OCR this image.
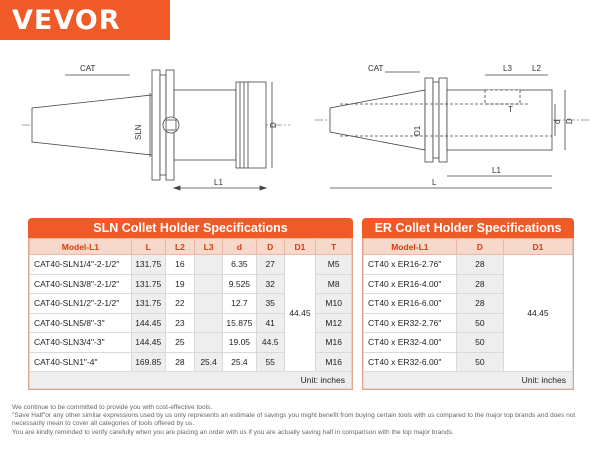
VEVOR
CAT
L1
D
SLN
CAT	L3	L2
T
d D
D1
L1
L
SLN Collet Holder Specifications
Model-L1	L	L2	L3	d	D	D1	T
CAT40-SLN1/4"-2-1/2"	131.75	16		6.35	27	44.45	M5
CAT40-SLN3/8"-2-1/2"	131.75	19		9.525	32		M8
CAT40-SLN1/2"-2-1/2"	131.75	22		12.7	35		M10
CAT40-SLN5/8"-3"	144.45	23		15.875	41		M12
CAT40-SLN3/4"-3"	144.45	25		19.05	44.5		M16
CAT40-SLN1"-4"	169.85	28	25.4	25.4	55		M16
Unit: inches							
ER Collet Holder Specifications
Model-L1	D	D1
CT40 x ER16-2.76"	28	44.45
CT40 x ER16-4.00"	28	
CT40 x ER16-6.00"	28	
CT40 x ER32-2.76"	50	
CT40 x ER32-4.00"	50	
CT40 x ER32-6.00"	50	
Unit: inches		
We continue to be committed to provide you with cost-effective tools.
"Save Half"or any other similar expressions used by us only represents an estimate of savings you might benefit from buying certain tools with us compared to the major top brands and does not necessarily mean to cover all categories of tools offered by us.
You are kindly reminded to verify carefully when you are placing an order with us if you are actually saving half in comparison with the top major brands.
